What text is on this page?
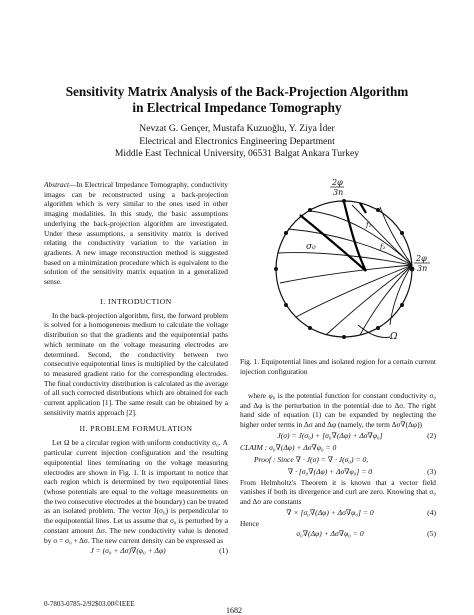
Sensitivity Matrix Analysis of the Back-Projection Algorithm
in Electrical Impedance Tomography
Nevzat G. Gençer, Mustafa Kuzuoğlu, Y. Ziya İder
Electrical and Electronics Engineering Department
Middle East Technical University, 06531 Balgat Ankara Turkey

Abstract—In Electrical Impedance Tomography, conductivity images can be reconstructed using a back-projection algorithm which is very similar to the ones used in other imaging modalities. In this study, the basic assumptions underlying the back-projection algorithm are investigated. Under these assumptions, a sensitivity matrix is derived relating the conductivity variation to the variation in gradients. A new image reconstruction method is suggested based on a minimization procedure which is equivalent to the solution of the sensitivity matrix equation in a generalized sense.

I. INTRODUCTION

In the back-projection algorithm, first, the forward problem is solved for a homogeneous medium to calculate the voltage distribution so that the gradients and the equipotential paths which terminate on the voltage measuring electrodes are determined. Second, the conductivity between two consecutive equipotential lines is multiplied by the calculated to measured gradient ratio for the corresponding electrodes. The final conductivity distribution is calculated as the average of all such corrected distributions which are obtained for each current application [1]. The same result can be obtained by a sensitivity matrix approach [2].

II. PROBLEM FORMULATION

Let Ω be a circular region with uniform conductivity σ₀. A particular current injection configuration and the resulting equipotential lines terminating on the voltage measuring electrodes are shown in Fig. 1. It is important to notice that each region which is determined by two equipotential lines (whose potentials are equal to the voltage measurements on the two consecutive electrodes at the boundary) can be treated as an isolated problem. The vector J(σ₀) is perpendicular to the equipotential lines. Let us assume that σ₀ is perturbed by a constant amount Δσ. The new conductivity value is denoted by σ = σ₀ + Δσ. The new current density can be expressed as

J = (σ₀ + Δσ)∇(φ₀ + Δφ)	(1)
2φ
3n
2φ
3n
σ₀
Ω
f₁
f₂

Fig. 1. Equipotential lines and isolated region for a certain current injection configuration

where φ₀ is the potential function for constant conductivity σ₀ and Δφ is the perturbation in the potential due to Δσ. The right hand side of equation (1) can be expanded by neglecting the higher order terms in Δσ and Δφ (namely, the term Δσ∇(Δφ))

J(σ) = J(σ₀) + [σ₀∇(Δφ) + Δσ∇φ₀]	(2)
CLAIM : σ₀∇(Δφ) + Δσ∇φ₀ = 0
Proof : Since ∇ · J(σ) = ∇ · J(σ₀) = 0,
∇ · [σ₀∇(Δφ) + Δσ∇φ₀] = 0	(3)

From Helmholtz's Theorem it is known that a vector field vanishes if both its divergence and curl are zero. Knowing that σ₀ and Δσ are constants

∇ × [σ₀∇(Δφ) + Δσ∇φ₀] = 0	(4)

Hence

σ₀∇(Δφ) + Δσ∇φ₀ = 0	(5)
0-7803-0785-2/92$03.00©IEEE
1682
